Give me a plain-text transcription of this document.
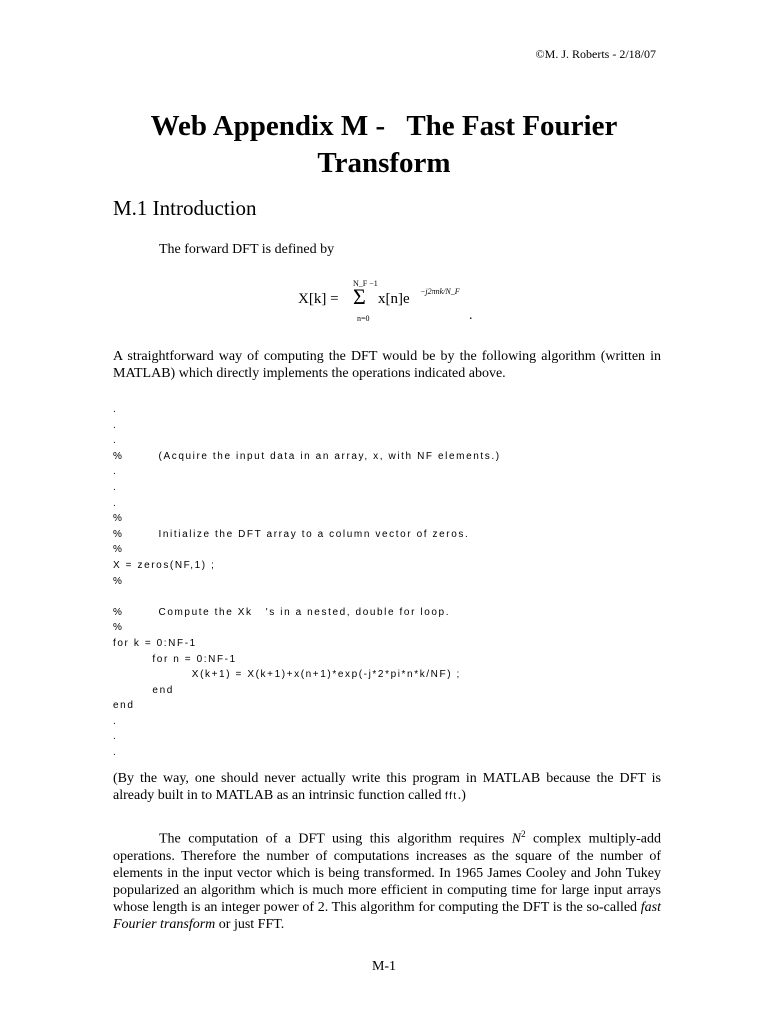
©M. J. Roberts - 2/18/07
Web Appendix M -   The Fast Fourier
Transform
M.1 Introduction
The forward DFT is defined by
X[k] =
N_F −1
Σ
n=0
x[n]e −j2πnk/N_F
.
A straightforward way of computing the DFT would be by the following algorithm (written in MATLAB) which directly implements the operations indicated above.
.
.
.
%        (Acquire the input data in an array, x, with NF elements.)
.
.
.
%
%        Initialize the DFT array to a column vector of zeros.
%
X = zeros(NF,1) ;
%
%        Compute the Xk   's in a nested, double for loop.
%
for k = 0:NF-1
for n = 0:NF-1
X(k+1) = X(k+1)+x(n+1)*exp(-j*2*pi*n*k/NF) ;
end
end
.
.
.
(By the way, one should never actually write this program in MATLAB because the DFT is already built in to MATLAB as an intrinsic function called fft.)
The computation of a DFT using this algorithm requires $N^2$ complex multiply-add operations. Therefore the number of computations increases as the square of the number of elements in the input vector which is being transformed. In 1965 James Cooley and John Tukey popularized an algorithm which is much more efficient in computing time for large input arrays whose length is an integer power of 2. This algorithm for computing the DFT is the so-called fast Fourier transform or just FFT.
M-1
